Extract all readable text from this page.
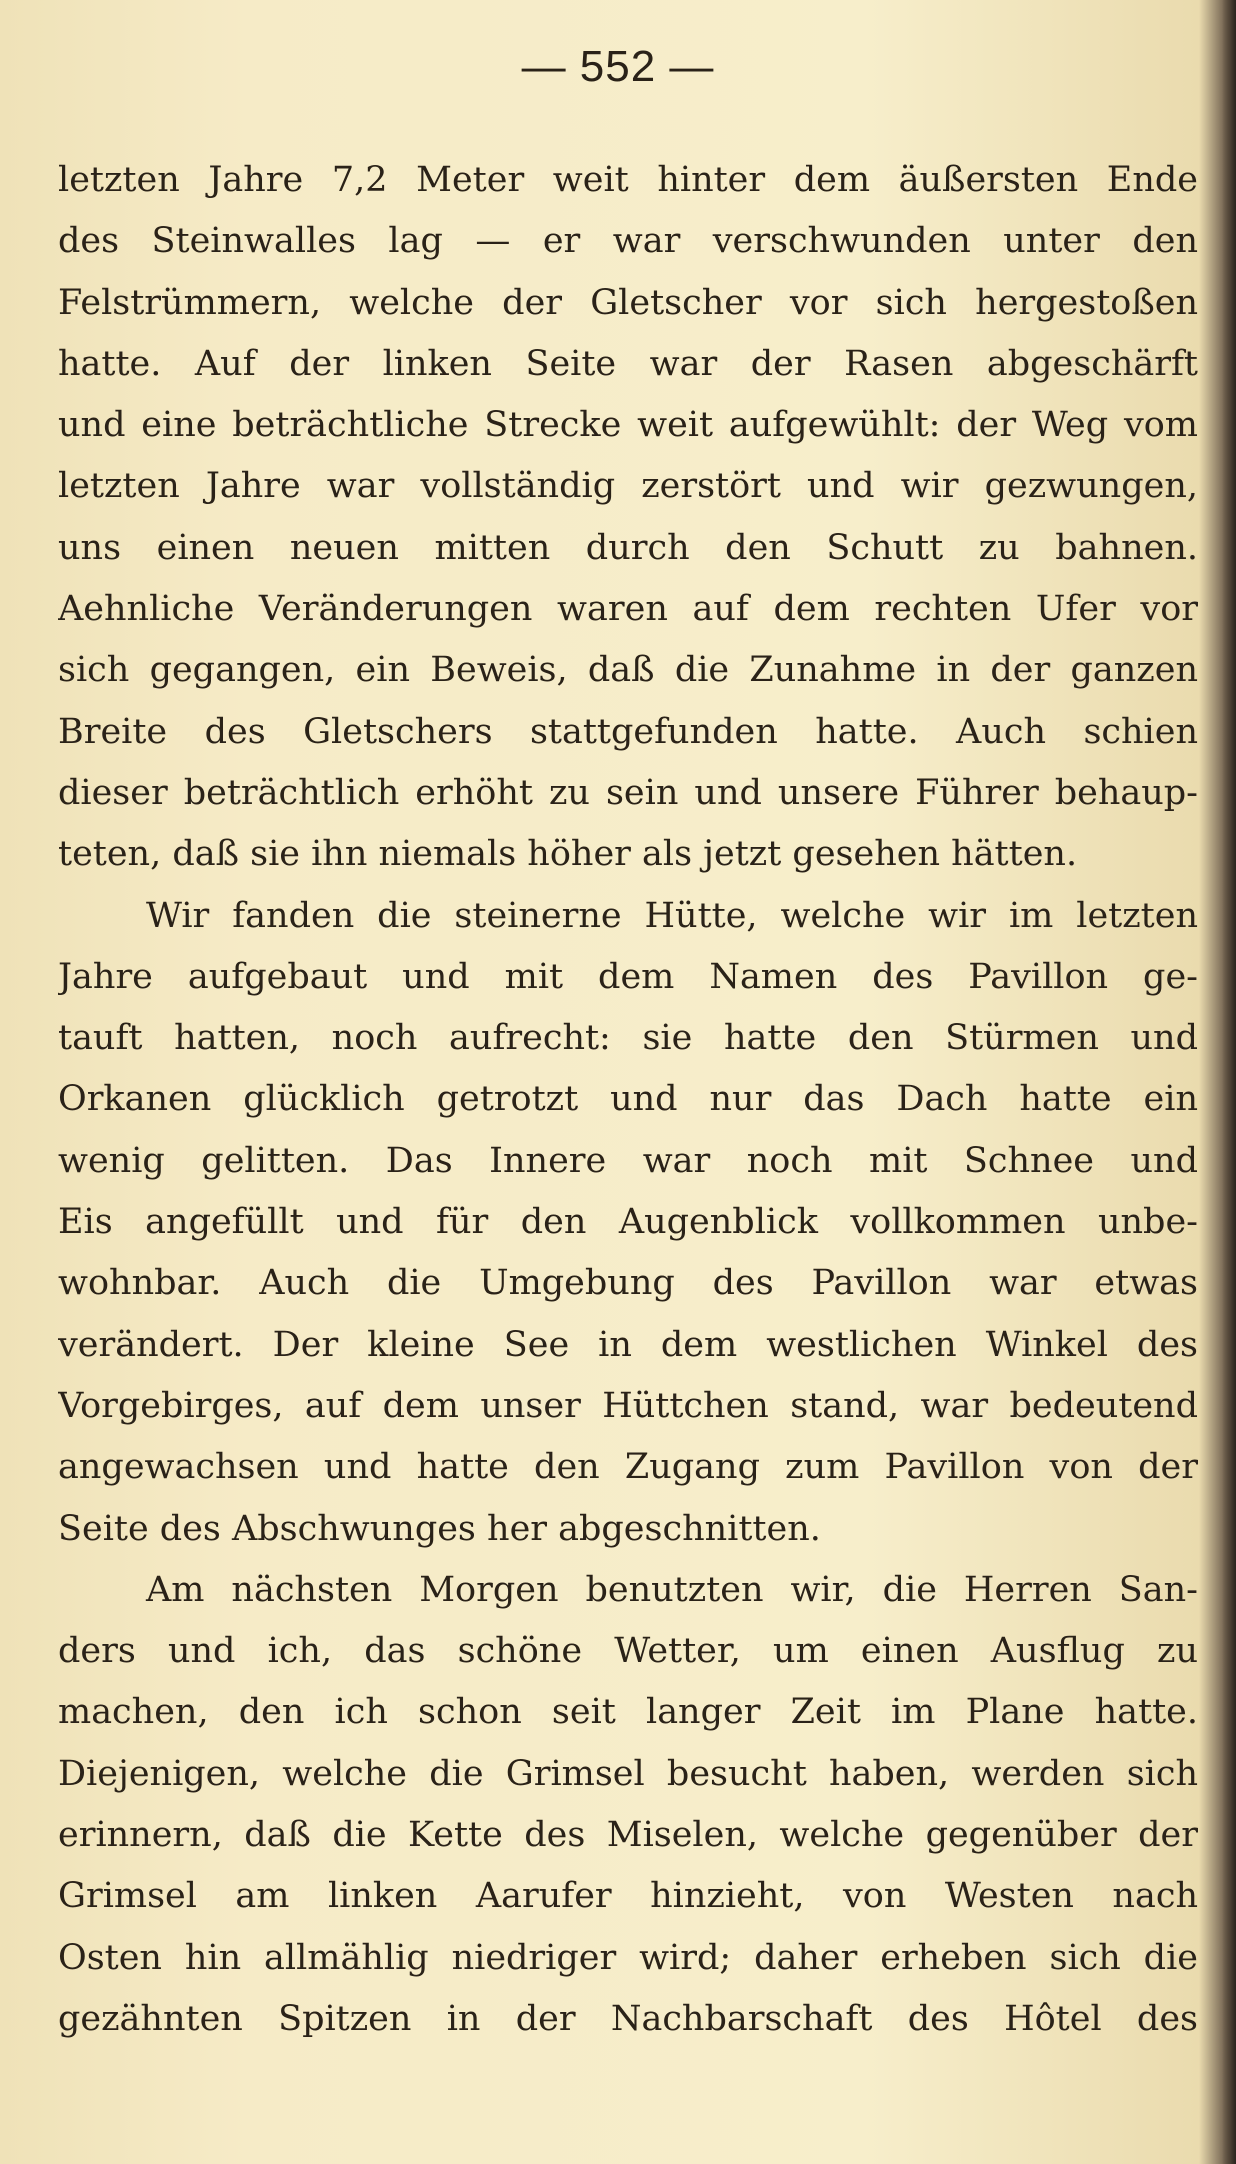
— 552 —
letzten Jahre 7,2 Meter weit hinter dem äußersten Ende
des Steinwalles lag — er war verschwunden unter den
Felstrümmern, welche der Gletscher vor sich hergestoßen
hatte. Auf der linken Seite war der Rasen abgeschärft
und eine beträchtliche Strecke weit aufgewühlt: der Weg vom
letzten Jahre war vollständig zerstört und wir gezwungen,
uns einen neuen mitten durch den Schutt zu bahnen.
Aehnliche Veränderungen waren auf dem rechten Ufer vor
sich gegangen, ein Beweis, daß die Zunahme in der ganzen
Breite des Gletschers stattgefunden hatte. Auch schien
dieser beträchtlich erhöht zu sein und unsere Führer behaup-
teten, daß sie ihn niemals höher als jetzt gesehen hätten.
Wir fanden die steinerne Hütte, welche wir im letzten
Jahre aufgebaut und mit dem Namen des Pavillon ge-
tauft hatten, noch aufrecht: sie hatte den Stürmen und
Orkanen glücklich getrotzt und nur das Dach hatte ein
wenig gelitten. Das Innere war noch mit Schnee und
Eis angefüllt und für den Augenblick vollkommen unbe-
wohnbar. Auch die Umgebung des Pavillon war etwas
verändert. Der kleine See in dem westlichen Winkel des
Vorgebirges, auf dem unser Hüttchen stand, war bedeutend
angewachsen und hatte den Zugang zum Pavillon von der
Seite des Abschwunges her abgeschnitten.
Am nächsten Morgen benutzten wir, die Herren San-
ders und ich, das schöne Wetter, um einen Ausflug zu
machen, den ich schon seit langer Zeit im Plane hatte.
Diejenigen, welche die Grimsel besucht haben, werden sich
erinnern, daß die Kette des Miselen, welche gegenüber der
Grimsel am linken Aarufer hinzieht, von Westen nach
Osten hin allmählig niedriger wird; daher erheben sich die
gezähnten Spitzen in der Nachbarschaft des Hôtel des
